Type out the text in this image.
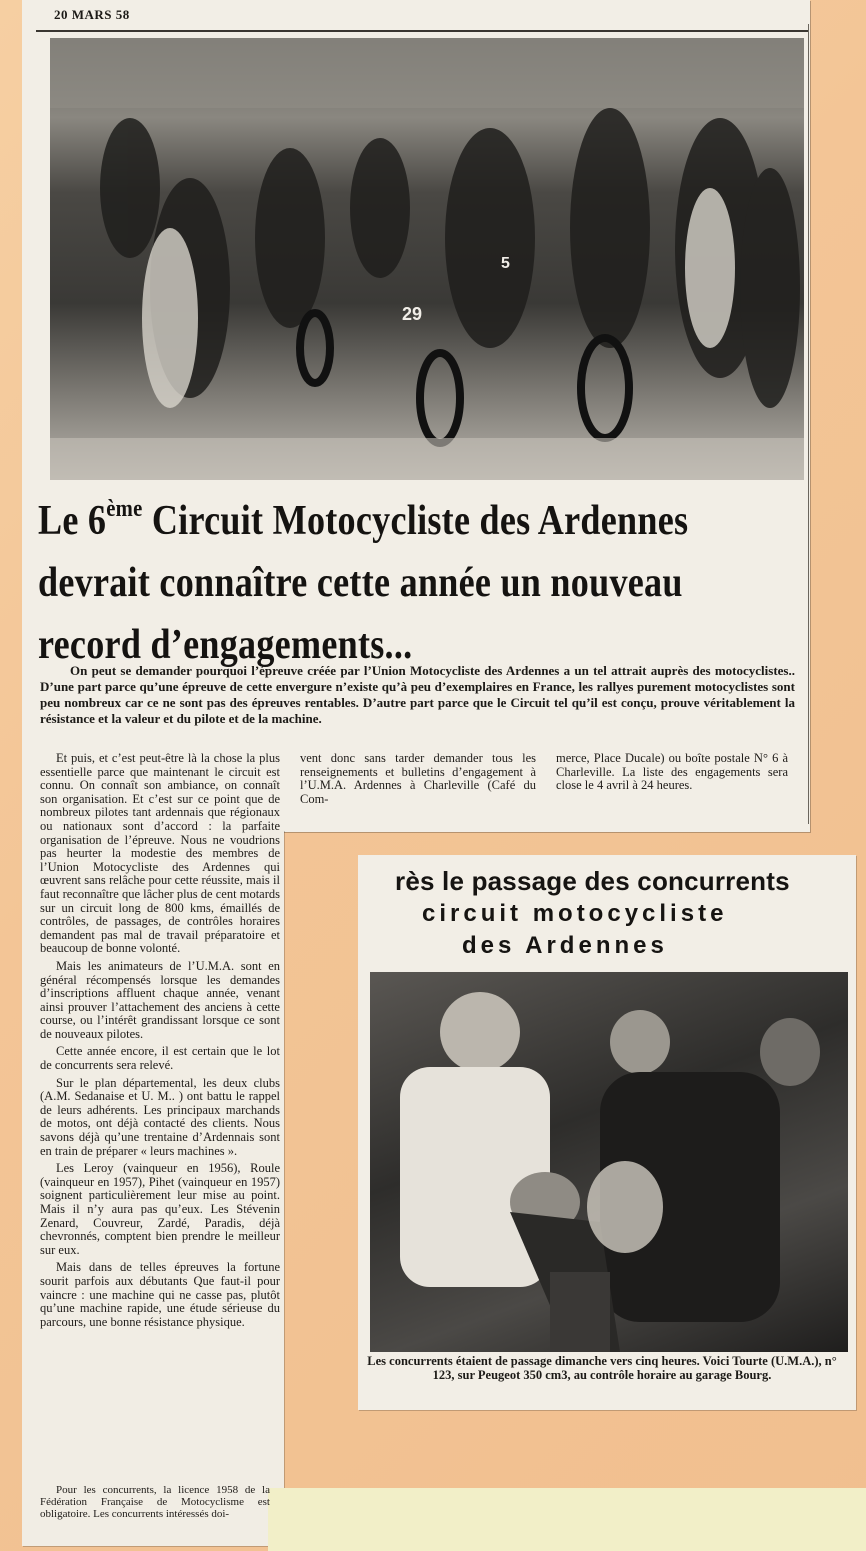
20 MARS 58
29
5
Le 6ème Circuit Motocycliste des Ardennes
devrait connaître cette année un nouveau
record d’engagements...
On peut se demander pourquoi l’épreuve créée par l’Union Motocycliste des Ardennes a un tel attrait auprès des motocyclistes.. D’une part parce qu’une épreuve de cette envergure n’existe qu’à peu d’exemplaires en France, les rallyes purement motocyclistes sont peu nombreux car ce ne sont pas des épreuves rentables. D’autre part parce que le Circuit tel qu’il est conçu, prouve véritablement la résistance et la valeur et du pilote et de la machine.

Et puis, et c’est peut-être là la chose la plus essentielle parce que maintenant le circuit est connu. On connaît son ambiance, on connaît son organisation. Et c’est sur ce point que de nombreux pilotes tant ardennais que régionaux ou nationaux sont d’accord : la parfaite organisation de l’épreuve. Nous ne voudrions pas heurter la modestie des membres de l’Union Motocycliste des Ardennes qui œuvrent sans relâche pour cette réussite, mais il faut reconnaître que lâcher plus de cent motards sur un circuit long de 800 kms, émaillés de contrôles, de passages, de contrôles horaires demandent pas mal de travail préparatoire et beaucoup de bonne volonté.

Mais les animateurs de l’U.M.A. sont en général récompensés lorsque les demandes d’inscriptions affluent chaque année, venant ainsi prouver l’attachement des anciens à cette course, ou l’intérêt grandissant lorsque ce sont de nouveaux pilotes.

Cette année encore, il est certain que le lot de concurrents sera relevé.

Sur le plan départemental, les deux clubs (A.M. Sedanaise et U. M.. ) ont battu le rappel de leurs adhérents. Les principaux marchands de motos, ont déjà contacté des clients. Nous savons déjà qu’une trentaine d’Ardennais sont en train de préparer « leurs machines ».

Les Leroy (vainqueur en 1956), Roule (vainqueur en 1957), Pihet (vainqueur en 1957) soignent particulièrement leur mise au point. Mais il n’y aura pas qu’eux. Les Stévenin Zenard, Couvreur, Zardé, Paradis, déjà chevronnés, comptent bien prendre le meilleur sur eux.

Mais dans de telles épreuves la fortune sourit parfois aux débutants Que faut-il pour vaincre : une machine qui ne casse pas, plutôt qu’une machine rapide, une étude sérieuse du parcours, une bonne résistance physique.

Pour les concurrents, la licence 1958 de la Fédération Française de Motocyclisme est obligatoire. Les concurrents intéressés doi-

vent donc sans tarder demander tous les renseignements et bulletins d’engagement à l’U.M.A. Ardennes à Charleville (Café du Com-

merce, Place Ducale) ou boîte postale N° 6 à Charleville. La liste des engagements sera close le 4 avril à 24 heures.

rès le passage des concurrents
circuit motocycliste
des Ardennes
Les concurrents étaient de passage dimanche vers cinq heures. Voici Tourte (U.M.A.), n° 123, sur Peugeot 350 cm3, au contrôle horaire au garage Bourg.
